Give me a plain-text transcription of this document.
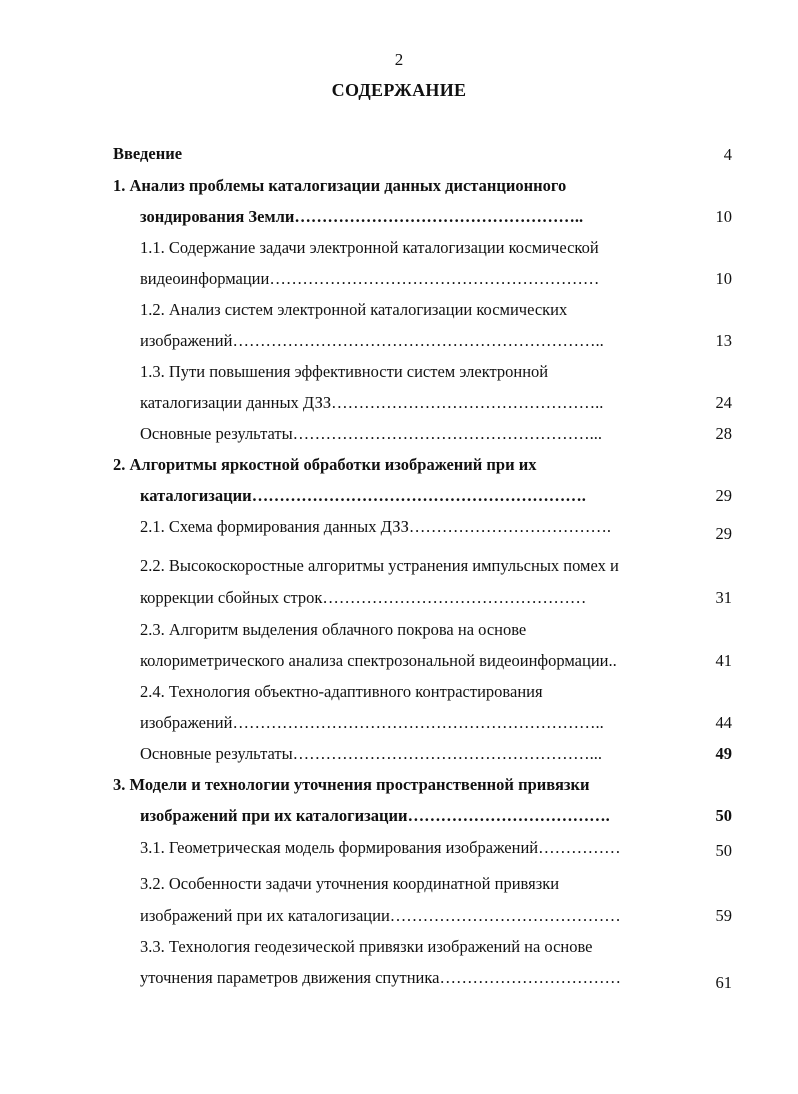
2
СОДЕРЖАНИЕ
Введение	4
1. Анализ проблемы каталогизации данных дистанционного
зондирования Земли……………………………………………..	10
1.1. Содержание задачи электронной каталогизации космической
видеоинформации……………………………………………………	10
1.2. Анализ систем электронной каталогизации космических
изображений…………………………………………………………..	13
1.3. Пути повышения эффективности систем электронной
каталогизации данных ДЗЗ…………………………………………..	24
Основные результаты………………………………………………...	28
2. Алгоритмы яркостной обработки изображений при их
каталогизации…………………………………………………….	29
2.1. Схема формирования данных ДЗЗ……………………………….	29
2.2. Высокоскоростные алгоритмы устранения импульсных помех и
коррекции сбойных строк…………………………………………	31
2.3. Алгоритм выделения облачного покрова на основе
колориметрического анализа спектрозональной видеоинформации..	41
2.4. Технология объектно-адаптивного контрастирования
изображений…………………………………………………………..	44
Основные результаты………………………………………………...	49
3. Модели и технологии уточнения пространственной привязки
изображений при их каталогизации……………………………….	50
3.1. Геометрическая модель формирования изображений……………	50
3.2. Особенности задачи уточнения координатной привязки
изображений при их каталогизации……………………………………	59
3.3. Технология геодезической привязки изображений на основе
уточнения параметров движения спутника……………………………	61
